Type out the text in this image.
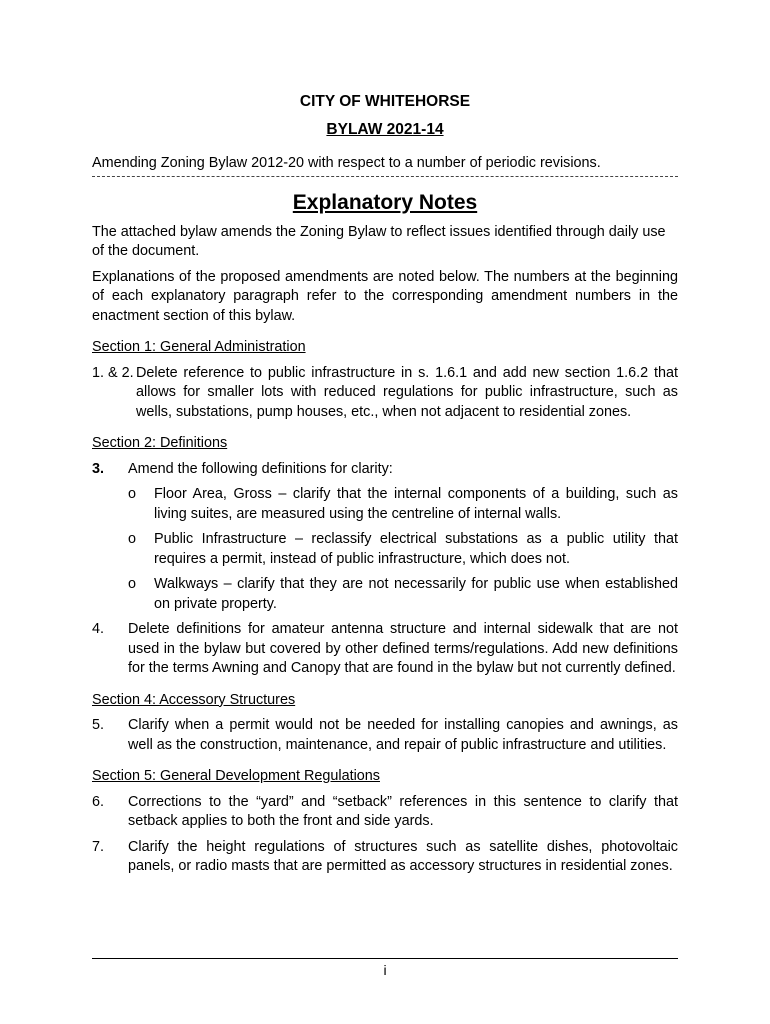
CITY OF WHITEHORSE

BYLAW 2021-14

Amending Zoning Bylaw 2012-20 with respect to a number of periodic revisions.

Explanatory Notes

The attached bylaw amends the Zoning Bylaw to reflect issues identified through daily use of the document.

Explanations of the proposed amendments are noted below. The numbers at the beginning of each explanatory paragraph refer to the corresponding amendment numbers in the enactment section of this bylaw.

Section 1: General Administration

1. & 2. Delete reference to public infrastructure in s. 1.6.1 and add new section 1.6.2 that allows for smaller lots with reduced regulations for public infrastructure, such as wells, substations, pump houses, etc., when not adjacent to residential zones.

Section 2: Definitions

3.	Amend the following definitions for clarity:
o	Floor Area, Gross – clarify that the internal components of a building, such as living suites, are measured using the centreline of internal walls.
o	Public Infrastructure – reclassify electrical substations as a public utility that requires a permit, instead of public infrastructure, which does not.
o	Walkways – clarify that they are not necessarily for public use when established on private property.
4.	Delete definitions for amateur antenna structure and internal sidewalk that are not used in the bylaw but covered by other defined terms/regulations. Add new definitions for the terms Awning and Canopy that are found in the bylaw but not currently defined.

Section 4: Accessory Structures

5.	Clarify when a permit would not be needed for installing canopies and awnings, as well as the construction, maintenance, and repair of public infrastructure and utilities.

Section 5: General Development Regulations

6.	Corrections to the “yard” and “setback” references in this sentence to clarify that setback applies to both the front and side yards.
7.	Clarify the height regulations of structures such as satellite dishes, photovoltaic panels, or radio masts that are permitted as accessory structures in residential zones.
i
